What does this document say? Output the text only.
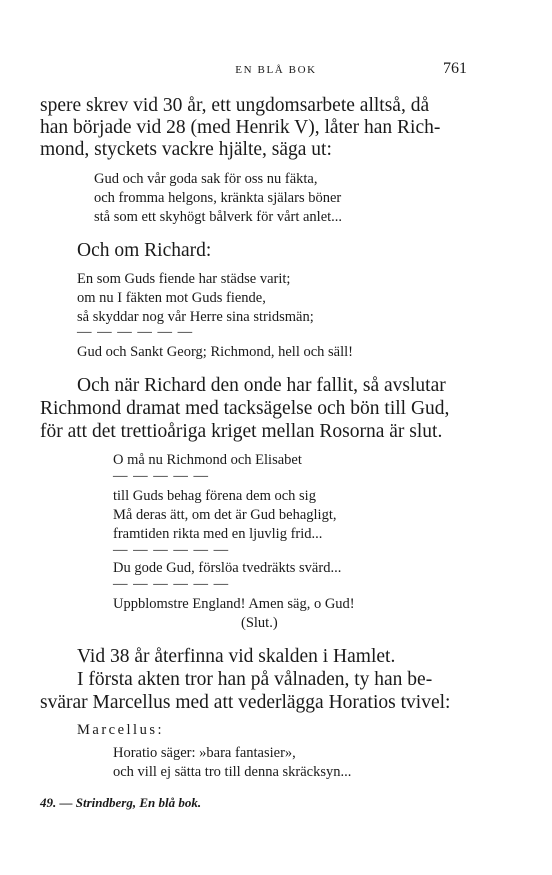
EN BLÅ BOK	761
spere skrev vid 30 år, ett ungdomsarbete alltså, då
han började vid 28 (med Henrik V), låter han Rich-
mond, styckets vackre hjälte, säga ut:
Gud och vår goda sak för oss nu fäkta,
och fromma helgons, kränkta själars böner
stå som ett skyhögt bålverk för vårt anlet...
Och om Richard:
En som Guds fiende har städse varit;
om nu I fäkten mot Guds fiende,
så skyddar nog vår Herre sina stridsmän;
— — — — — —
Gud och Sankt Georg; Richmond, hell och säll!
Och när Richard den onde har fallit, så avslutar
Richmond dramat med tacksägelse och bön till Gud,
för att det trettioåriga kriget mellan Rosorna är slut.
O må nu Richmond och Elisabet
— — — — —
till Guds behag förena dem och sig
Må deras ätt, om det är Gud behagligt,
framtiden rikta med en ljuvlig frid...
— — — — — —
Du gode Gud, förslöa tvedräkts svärd...
— — — — — —
Uppblomstre England! Amen säg, o Gud!
(Slut.)
Vid 38 år återfinna vid skalden i Hamlet.
I första akten tror han på vålnaden, ty han be-
svärar Marcellus med att vederlägga Horatios tvivel:
Marcellus:
Horatio säger: »bara fantasier»,
och vill ej sätta tro till denna skräcksyn...
49. — Strindberg, En blå bok.
